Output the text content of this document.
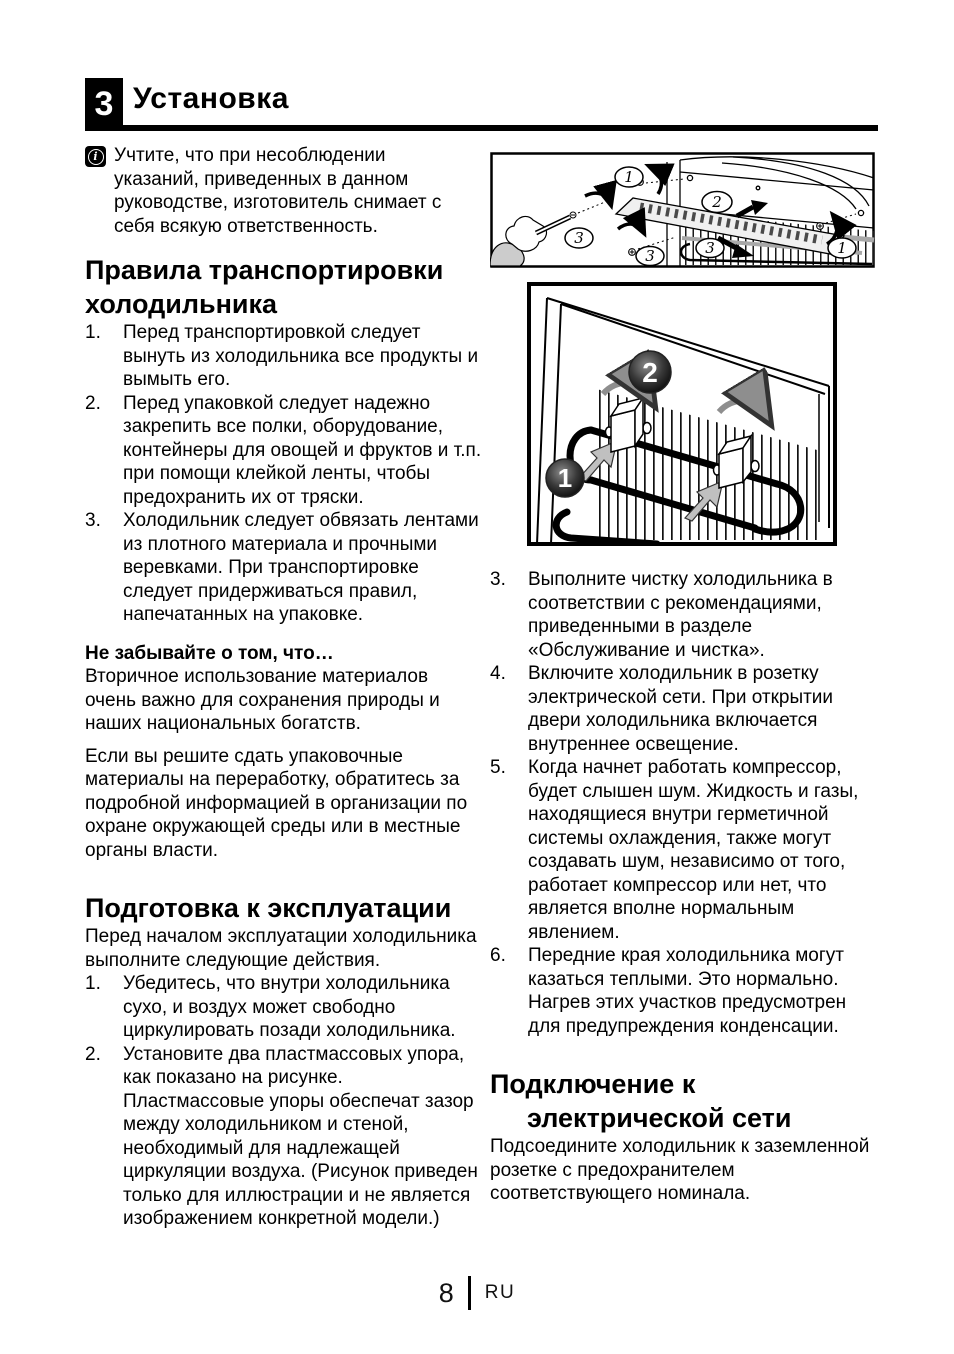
3 Установка
i Учтите, что при несоблюдении указаний, приведенных в данном руководстве, изготовитель снимает с себя всякую ответственность.
Правила транспортировки
холодильника
1.	Перед транспортировкой следует вынуть из холодильника все продукты и вымыть его.
2.	Перед упаковкой следует надежно закрепить все полки, оборудование, контейнеры для овощей и фруктов и т.п. при помощи клейкой ленты, чтобы предохранить их от тряски.
3.	Холодильник следует обвязать лентами из плотного материала и прочными веревками. При транспортировке следует придерживаться правил, напечатанных на упаковке.
Не забывайте о том, что…

Вторичное использование материалов очень важно для сохранения природы и наших национальных богатств.

Если вы решите сдать упаковочные материалы на переработку, обратитесь за подробной информацией в организации по охране окружающей среды или в местные органы власти.

Подготовка к эксплуатации

Перед началом эксплуатации холодильника выполните следующие действия.

1.	Убедитесь, что внутри холодильника сухо, и воздух может свободно циркулировать позади холодильника.
2.	Установите два пластмассовых упора, как показано на рисунке. Пластмассовые упоры обеспечат зазор между холодильником и стеной, необходимый для надлежащей циркуляции воздуха. (Рисунок приведен только для иллюстрации и не является изображением конкретной модели.)
1
2
3
3	3	1
1
2
3.	Выполните чистку холодильника в соответствии с рекомендациями, приведенными в разделе «Обслуживание и чистка».
4.	Включите холодильник в розетку электрической сети. При открытии двери холодильника включается внутреннее освещение.
5.	Когда начнет работать компрессор, будет слышен шум. Жидкость и газы, находящиеся внутри герметичной системы охлаждения, также могут создавать шум, независимо от того, работает компрессор или нет, что является вполне нормальным явлением.
6.	Передние края холодильника могут казаться теплыми. Это нормально. Нагрев этих участков предусмотрен для предупреждения конденсации.
Подключение к
электрической сети

Подсоедините холодильник к заземленной розетке с предохранителем соответствующего номинала.

8 RU
